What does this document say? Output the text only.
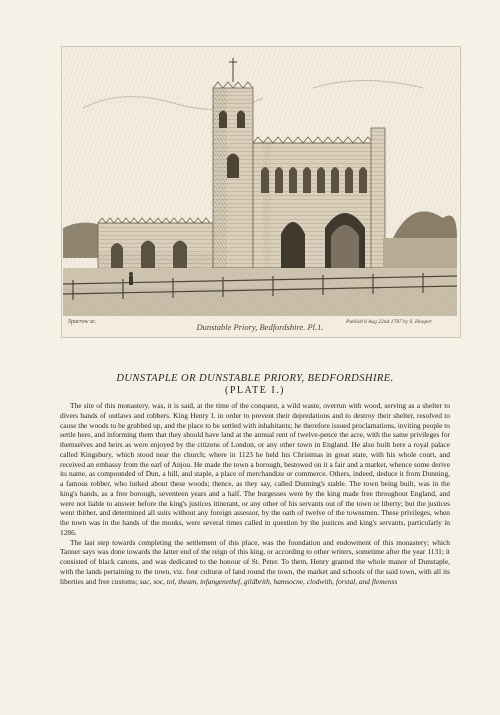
Sparrow sc.	Dunstable Priory, Bedfordshire. Pl.1.	Publish'd Aug 22nd 1787 by S. Hooper

DUNSTAPLE OR DUNSTABLE PRIORY, BEDFORDSHIRE.

(PLATE I.)

The site of this monastery, was, it is said, at the time of the conquest, a wild waste, overrun with wood, serving as a shelter to divers bands of outlaws and robbers. King Henry I. in order to prevent their depredations and to destroy their shelter, resolved to cause the woods to be grubbed up, and the place to be settled with inhabitants; he therefore issued proclamations, inviting people to settle here, and informing them that they should have land at the annual rent of twelve-pence the acre, with the same privileges for themselves and heirs as were enjoyed by the citizens of London, or any other town in England. He also built here a royal palace called Kingsbury, which stood near the church; where in 1123 he held his Christmas in great state, with his whole court, and received an embassy from the earl of Anjou. He made the town a borough, bestowed on it a fair and a market, whence some derive its name, as compounded of Dun, a hill, and staple, a place of merchandize or commerce. Others, indeed, deduce it from Dunning, a famous robber, who lurked about these woods; thence, as they say, called Dunning's stable. The town being built, was in the king's hands, as a free borough, seventeen years and a half. The burgesses were by the king made free throughout England, and were not liable to answer before the king's justices itinerant, or any other of his servants out of the town or liberty; but the justices went thither, and determined all suits without any foreign assessor, by the oath of twelve of the townsmen. These privileges, when the town was in the hands of the monks, were several times called in question by the justices and king's servants, particularly in 1286.

The last step towards completing the settlement of this place, was the foundation and endowment of this monastery; which Tanner says was done towards the latter end of the reign of this king, or according to other writers, sometime after the year 1131; it consisted of black canons, and was dedicated to the honour of St. Peter. To them, Henry granted the whole manor of Dunstaple, with the lands pertaining to the town, viz. four culturæ of land round the town, the market and schools of the said town, with all its liberties and free customs; sac, soc, tol, theam, infangenethef, gildbrith, hamsocne, clodwith, forstal, and flemenss
